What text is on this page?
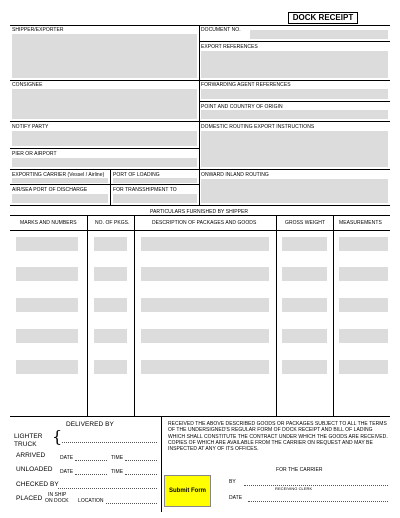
DOCK RECEIPT
SHIPPER/EXPORTER	DOCUMENT NO.
EXPORT REFERENCES
CONSIGNEE	FORWARDING AGENT REFERENCES
POINT AND COUNTRY OF ORIGIN
NOTIFY PARTY	DOMESTIC ROUTING EXPORT INSTRUCTIONS
PIER OR AIRPORT
EXPORTING CARRIER (Vessel / Airline) PORT OF LOADING	ONWARD INLAND ROUTING
AIR/SEA PORT OF DISCHARGE	FOR TRANSSHIPMENT TO
PARTICULARS FURNISHED BY SHIPPER
MARKS AND NUMBERS	NO. OF PKGS.	DESCRIPTION OF PACKAGES AND GOODS	GROSS WEIGHT	MEASUREMENTS
DELIVERED BY
LIGHTER
TRUCK {
ARRIVED	DATE	TIME
UNLOADED DATE	TIME
CHECKED BY
PLACED IN SHIP
ON DOCK LOCATION
RECEIVED THE ABOVE DESCRIBED GOODS OR PACKAGES SUBJECT TO ALL THE TERMS OF THE UNDERSIGNED'S REGULAR FORM OF DOCK RECEIPT AND BILL OF LADING WHICH SHALL CONSTITUTE THE CONTRACT UNDER WHICH THE GOODS ARE RECEIVED. COPIES OF WHICH ARE AVAILABLE FROM THE CARRIER ON REQUEST AND MAY BE INSPECTED AT ANY OF ITS OFFICES.
FOR THE CARRIER
BY
RECEIVING CLERK
DATE
Submit Form
